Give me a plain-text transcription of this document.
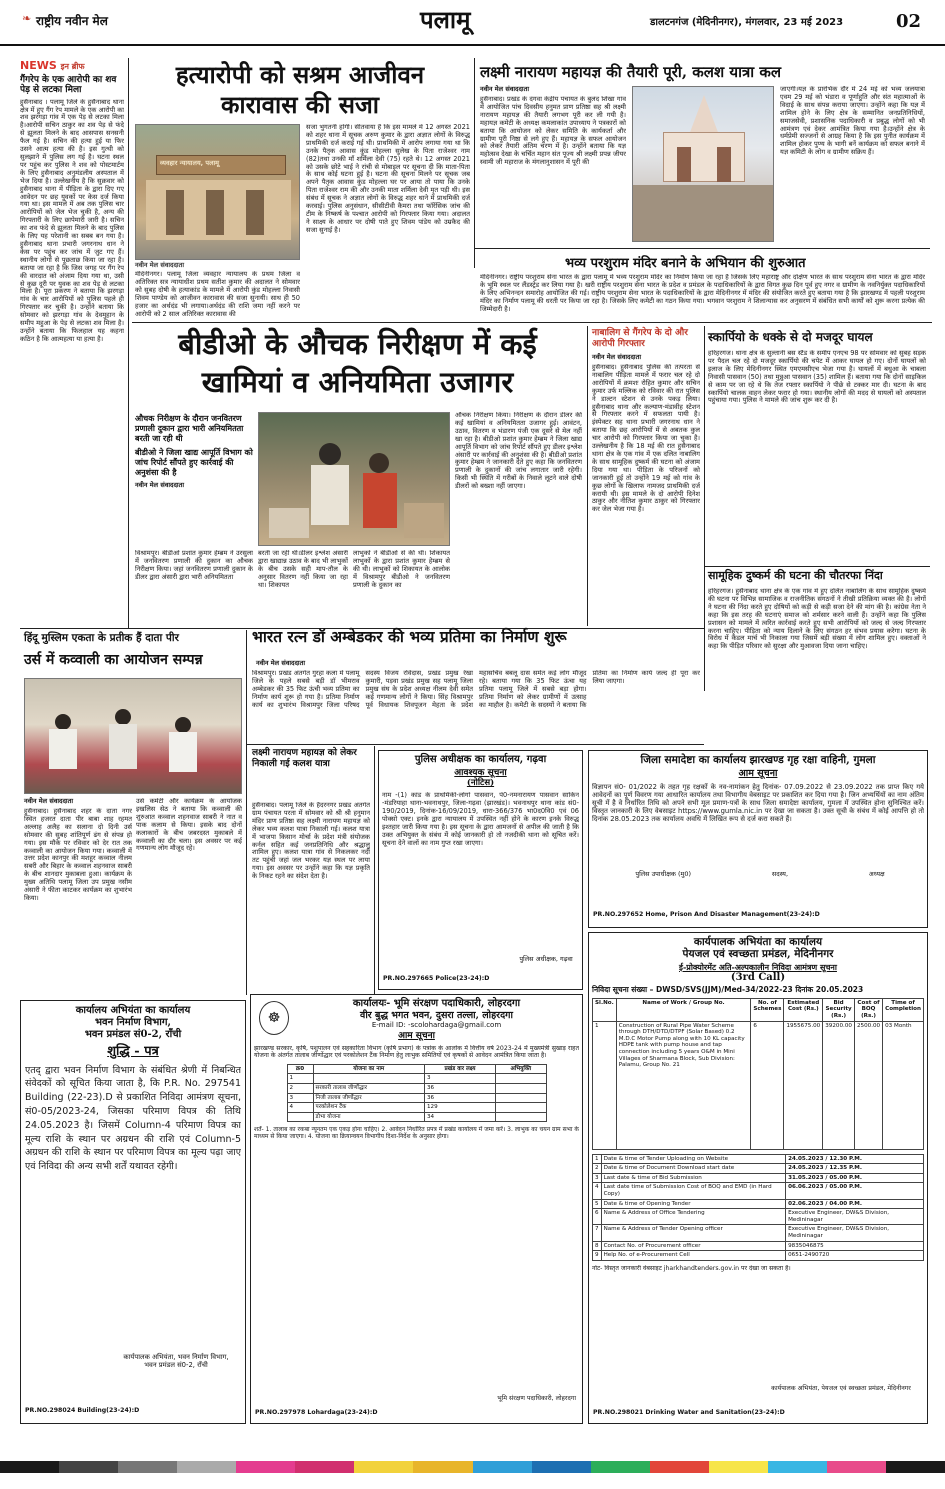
❧ राष्ट्रीय नवीन मेल	पलामू	डालटनगंज (मेदिनीनगर), मंगलवार, 23 मई 2023	02
NEWS इन ब्रीफ
गैंगरेप के एक आरोपी का शव पेड़ से लटका मिला
हुसैनाबाद । पलामू जिले के हुसैनाबाद थाना क्षेत्र में हुए गैंग रेप मामले के एक आरोपी का शव झरगड़ा गांव में एक पेड़ से लटका मिला है।आरोपी सचिन ठाकुर का शव पेड़ से फंदे से झूलता मिलने के बाद आसपास सनसनी फैल गई है। सचिन की हत्या हुई या फिर उसने आत्म हत्या की है। इस गुत्थी को सुलझाने में पुलिस लग गई है। घटना स्थल पर पहुंच कर पुलिस ने शव को पोस्टमार्टम के लिए हुसैनाबाद अनुमंडलीय अस्पताल में भेज दिया है। उल्लेखनीय है कि सुक्रवार को हुसैनाबाद थाना में पीड़िता के द्वारा दिए गए आवेदन पर छह युवकों पर केस दर्ज किया गया था। इस मामले में अब तक पुलिस चार आरोपियों को जेल भेज चुकी है, अन्य की गिरफ्तारी के लिए छापेमारी जारी है। सचिन का शव फंदे से झूलता मिलने के बाद पुलिस के लिए यह परेशानी का सबब बन गया है। हुसैनाबाद थाना प्रभारी जगरनाथ धान ने केस पर पहुंच कर जांच में जुट गए हैं। स्थानीय लोगों से पूछताछ किया जा रहा है। बताया जा रहा है कि जिस जगह पर गैंग रेप की वारदात को अंजाम दिया गया था, उसी से कुछ दूरी पर युवक का शव पेड़ से लटका मिला है। पूरा प्रकरण ने बताया कि झरगड़ा गांव के चार आरोपियों को पुलिस पहले ही गिरफ्तार कर चुकी है। उन्होंने बताया कि सोमवार को झरगड़ा गांव के देवमुहान के समीप महुआ के पेड़ से लटका शव मिला है। उन्होंने बताया कि फिलहाल यह कहना कठिन है कि आत्महत्या या हत्या है।
हत्यारोपी को सश्रम आजीवन कारावास की सजा
व्यवहार न्यायालय, पलामू
नवीन मेल संवाददाता
मेदिनीनगर। पलामू जिला व्यवहार न्यायालय के प्रथम जिला व अतिरिक्त सत्र न्यायाधीश प्रथम सतीश कुमार की अदालत ने सोमवार को सुबह दोषी के हत्याकांड के मामले में आरोपी कुंड मोहल्ला निवासी शिवम पाण्डेय को आजीवन कारावास की सजा सुनायी। साथ ही 50 हजार का अर्थदंड भी लगाया।अर्थदंड की राशि जमा नहीं करने पर आरोपी को 2 साल अतिरिक्त कारावास की
सजा भुगतनी होगी। सीतवाया है कि इस मामले में 12 अगस्त 2021 को शहर थाना में सूचक अरुण कुमार के द्वारा अज्ञात लोगों के विरुद्ध प्राथमिकी दर्ज कराई गई थी। प्राथमिकी में आरोप लगाया गया था कि उनके पैतृक आवास कुंड मोहल्ला सुलेख के पिता राजेश्वर नाम (82)तथा उनकी माँ शर्मिला देवी (75) रहते थे। 12 अगस्त 2021 को उसके छोटे भाई ने रांची से मोबाइल पर सूचना दी कि माता-पिता के साथ कोई घटना हुई है। घटना की सूचना मिलने पर सूचक जब अपने पैतृक आवास कुंड मोहल्ला घर पर आया तो पाया कि उनके पिता राजेश्वर राम की और उनकी माता शर्मिला देवी मृत पड़ी थी। इस संबंध में सूचक ने अज्ञात लोगों के विरुद्ध शहर थाने में प्राथमिकी दर्ज करवाई। पुलिस अनुसंधान, सीसीटीवी कैमरा तथा फॉरेंसिक जांच की टीम के निष्कर्ष के पश्चात आरोपी को गिरफ्तार किया गया। अदालत ने साक्ष्य के आधार पर दोषी पाते हुए शिवम पांडेय को उम्रकैद की सजा सुनाई है।
लक्ष्मी नारायण महायज्ञ की तैयारी पूरी, कलश यात्रा कल
नवीन मेल संवाददाता
हुसैनाबाद। प्रखंड के दंगवा केंद्रीय पंचायत के बुलंद शिखा गांव में आयोजित पांच दिवसीय हनुमत प्राण प्रतिष्ठा सह श्री लक्ष्मी नारायण महायज्ञ की तैयारी लगभग पूरी कर ली गयी है। महायज्ञ कमेटी के अध्यक्ष कमलाकांत उपाध्याय ने पत्रकारों को बताया कि आयोजन को लेकर समिति के कार्यकर्ता और ग्रामीण पूरी निष्ठा से लगे हुए हैं। महायज्ञ के सफल आयोजन को लेकर तैयारी अंतिम चरण में है। उन्होंने बताया कि यज्ञ महोत्सव देखा के चर्चित महान संत पूज्य श्री लक्ष्मी प्रपन्न जीयर स्वामी जी महाराज के मंगलानुशासन में पूरी की
जाएगी।यज्ञ के प्रारंभिक दौर में 24 मई को भव्य जलयात्रा एवम 29 मई को भंडारा व पूर्णाहुति और संत महात्माओं के विदाई के साथ संपन्न कराया जाएगा। उन्होंने कहा कि यज्ञ में शामिल होने के लिए क्षेत्र के सम्मानित जनप्रतिनिधियों, समाजसेवी, प्रशासनिक पदाधिकारी व प्रबुद्ध लोगों को भी आमंत्रण एवं देकर आमंत्रित किया गया है।उन्होंने क्षेत्र के धर्मप्रेमी सज्जनों से आग्रह किया है कि इस पुनीत कार्यक्रम में शामिल होकर पुण्य के भागी बनें कार्यक्रम को सफल बनाने में यज्ञ कमिटी के लोग व ग्रामीण सक्रिय हैं।
भव्य परशुराम मंदिर बनाने के अभियान की शुरुआत
मेदिनीनगर। राष्ट्रीय परशुराम सेना भारत के द्वारा पलामू में भव्य परशुराम मंदिर का निर्माण किया जा रहा है जिसके लिए महाराष्ट्र और दक्षिण भारत के साथ परशुराम सेना भारत के द्वारा मंदिर के भूमि स्थल पर लैंडस्ट्रेड कर लिया गया है। खरी राष्ट्रीय परशुराम सेना भारत के प्रदेश व प्रमंडल के पदाधिकारियों के द्वारा विगत कुछ दिन पूर्व हुए नगर व ग्रामीण के नवनिर्युक्त पदाधिकारियों के लिए अभिनन्दन समारोह आयोजित की गई। राष्ट्रीय परशुराम सेना भारत के पदाधिकारियों के द्वारा मेदिनीनगर में मंदिर की संयोजित करते हुए बताया गया है कि झारखण्ड में पहली परशुराम मंदिर का निर्माण पलामू की धरती पर किया जा रहा है। जिसके लिए कमेटी का गठन किया गया। भगवान परशुराम ने शिलान्यास कर अनुसरण में संबंधित सभी कार्यों को शुरू करना प्रत्येक की जिम्मेदारी है।
बीडीओ के औचक निरीक्षण में कई खामियां व अनियमिता उजागर
औचक निरीक्षण के दौरान जनवितरण प्रणाली दुकान द्वारा भारी अनियमितता बरती जा रही थी
बीडीओ ने जिला खाद्य आपूर्ति विभाग को जांच रिपोर्ट सौंपते हुए कार्रवाई की अनुशंसा की है
नवीन मेल संवाददाता
विश्रामपुर। बीडीओ प्रशांत कुमार हेम्ब्रम ने उरसुला में जनवितरण प्रणाली की दुकान का औचक निरीक्षण किया। जहां जनवितरण प्रणाली दुकान के डीलर द्वारा अंसारी द्वारा भारी अनियमितता
बरती जा रही थी।डीलर इश्लेश अंसारी द्वारा खाद्यान्न उठाव के बाद भी लाभुकों के बीच उसके सही माप-तौल के अनुसार वितरण नहीं किया जा रहा था। शिकायत
लाभुकों ने बीडीओ से की थी। शिकायत लाभुकों के द्वारा प्रशांत कुमार हेम्ब्रम से की थी। लाभुकों को शिकायत के आलोक में विश्रामपुर बीडीओ ने जनवितरण प्रणाली के दुकान का
औचक निरीक्षण किया। निरीक्षण के दौरान डीलर की कई खामियां व अनियमितता उजागर हुई। आवंटन, उठाव, वितरण व भंडारण पंजी एक दूसरे से मेल नहीं खा रहा है। बीडीओ प्रशांत कुमार हेम्ब्रम ने जिला खाद्य आपूर्ति विभाग को जांच रिपोर्ट सौंपते हुए डीलर इश्लेश अंसारी पर कार्रवाई की अनुशंसा की है। बीडीओ प्रशांत कुमार हेम्ब्रम ने जानकारी देते हुए कहा कि जनवितरण प्रणाली के दुकानों की जांच लगातार जारी रहेगी। किसी भी स्थिति में गरीबों के निवाले लूटने वाले दोषी डीलरों को बख्शा नहीं जाएगा।
नाबालिग से गैंगरेप के दो और आरोपी गिरफ्तार
नवीन मेल संवाददाता
हुसैनाबाद। हुसैनाबाद पुलिस की तत्परता से नाबालिग पीड़िता मामले में फरार चल रहे दो आरोपियों में क्रमशः रोहित कुमार और सचिन कुमार उर्फ मल्लिक को रविवार की रात पुलिस ने डाल्टन स्टेशन से उनके पकड़ लिया। हुसैनाबाद थाना और कल्याण-मंडावीह स्टेशन से गिरफ्तार करने में सफलता पायी है। इंस्पेक्टर सह थाना प्रभारी जगरनाथ धान ने बताया कि छह आरोपियों में से अबतक कुल चार आरोपी को गिरफ्तार किया जा चुका है। उल्लेखनीय है कि 18 मई की रात हुसैनाबाद थाना क्षेत्र के एक गांव में एक दलित नाबालिग के साथ सामूहिक दुष्कर्म की घटना को अंजाम दिया गया था। पीड़िता के परिजनों को जानकारी हुई तो उन्होंने 19 मई को गांव के कुछ लोगों के खिलाफ नामजद प्राथमिकी दर्ज करायी थी। इस मामले के दो आरोपी दिनेश ठाकुर और नीतिश कुमार ठाकुर को गिरफ्तार कर जेल भेजा गया है।
स्कार्पियो के धक्के से दो मजदूर घायल
हरिहरगंज। थाना क्षेत्र के सुल्तानी बस स्टैंड के समीप एनएच 98 पर सोमवार को सुबह सड़क पर पैदल चल रहे दो मजदूर स्कार्पियो की चपेट में आकर घायल हो गए। दोनों घायलों को इलाज के लिए मेदिनीनगर स्थित एमएमसीएच भेजा गया है। घायलों में बधुआ के चाबला निवासी पासवान (50) तथा मुन्नुआ पासवान (35) शामिल हैं। बताया गया कि दोनों साइकिल से काम पर जा रहे थे कि तेज रफ्तार स्कार्पियो ने पीछे से टक्कर मार दी। घटना के बाद स्कार्पियो चालक वाहन लेकर फरार हो गया। स्थानीय लोगों की मदद से घायलों को अस्पताल पहुंचाया गया। पुलिस ने मामले की जांच शुरू कर दी है।
सामूहिक दुष्कर्म की घटना की चौतरफा निंदा
हरिहरगंज। हुसैनाबाद थाना क्षेत्र के एक गांव में हुए दलित नाबालिग के साथ सामूहिक दुष्कर्म की घटना पर विभिन्न सामाजिक व राजनीतिक संगठनों ने तीखी प्रतिक्रिया व्यक्त की है। लोगों ने घटना की निंदा करते हुए दोषियों को कड़ी से कड़ी सजा देने की मांग की है। कांग्रेस नेता ने कहा कि इस तरह की घटनाएं समाज को शर्मसार करने वाली हैं। उन्होंने कहा कि पुलिस प्रशासन को मामले में त्वरित कार्रवाई करते हुए सभी आरोपियों को जल्द से जल्द गिरफ्तार करना चाहिए। पीड़िता को न्याय दिलाने के लिए संगठन हर संभव प्रयास करेगा। घटना के विरोध में कैंडल मार्च भी निकाला गया जिसमें बड़ी संख्या में लोग शामिल हुए। वक्ताओं ने कहा कि पीड़ित परिवार को सुरक्षा और मुआवजा दिया जाना चाहिए।
हिंदू मुस्लिम एकता के प्रतीक हैं दाता पीर
उर्स में कव्वाली का आयोजन सम्पन्न
नवीन मेल संवाददाता
हुसैनाबाद। हुसैनाबाद शहर के दाता नगर स्थित हजरत दाता पीर बाबा शाह रहमत अल्लाह अलैह का सलाना दो दिनी उर्स सोमवार की सुबह शांतिपूर्ण ढंग से संपन्न हो गया। इस मौके पर रविवार को देर रात तक कव्वाली का आयोजन किया गया। कव्वाली में उत्तर प्रदेश कानपुर की मशहूर कव्वाल नीलम सबरी और बिहार के कव्वाल शहनवाज साबरी के बीच शानदार मुकाबला हुआ। कार्यक्रम के मुख्य अतिथि पलामू जिला उप प्रमुख नसीम अंसारी ने फीता काटकर कार्यक्रम का शुभारंभ किया।
उर्स कमेटी और कार्यक्रम के आयोजक इखलिस सेठ ने बताया कि कव्वाली की शुरुआत कव्वाल शहनवाज साबरी ने नात व पाक कलाम से किया। इसके बाद दोनों कलाकारों के बीच जबरदस्त मुकाबले में कव्वाली का दौर चला। इस अवसर पर कई गणमान्य लोग मौजूद रहे।
भारत रत्न डॉ अम्बेडकर की भव्य प्रतिमा का निर्माण शुरू
नवीन मेल संवाददाता
विश्रामपुर। प्रखंड अंतर्गत गुरहा कला में पलामू जिले के पहले सबसे बड़ी डॉ भीमराव अम्बेडकर की 35 फिट ऊंची भव्य प्रतिमा का निर्माण कार्य शुरू हो गया है। प्रतिमा निर्माण कार्य का शुभारंभ विश्रामपुर जिला परिषद सदस्य विजय रविदास, प्रखंड प्रमुख रेखा कुमारी, पड़वा प्रखंड प्रमुख सह पलामू जिला प्रमुख संघ के प्रदेश अध्यक्ष नीलम देवी समेत कई गणमान्य लोगों ने किया। सिंह विश्रामपुर पूर्व विधायक शिवपूजन मेहता के प्रदेश महासचिव बबलू दास समेत कई लोग मौजूद रहे। बताया गया कि 35 फिट ऊंचा यह प्रतिमा पलामू जिले में सबसे बड़ा होगा। प्रतिमा निर्माण को लेकर ग्रामीणों में उत्साह का माहौल है। कमेटी के सदस्यों ने बताया कि प्रतिमा का निर्माण कार्य जल्द ही पूरा कर लिया जाएगा।
लक्ष्मी नारायण महायज्ञ को लेकर निकाली गई कलश यात्रा
हुसैनाबाद। पलामू जिले के हैदरनगर प्रखंड अंतर्गत ग्राम पंचायत परता में सोमवार को श्री श्री हनुमान मंदिर प्राण प्रतिष्ठा सह लक्ष्मी नारायण महायज्ञ को लेकर भव्य कलश यात्रा निकाली गई। कलश यात्रा में भाजपा किसान मोर्चा के प्रदेश मंत्री संयोजक कर्नल सहित कई जनप्रतिनिधि और श्रद्धालु शामिल हुए। कलश यात्रा गांव से निकलकर नदी तट पहुंची जहां जल भरकर यज्ञ स्थल पर लाया गया। इस अवसर पर उन्होंने कहा कि यज्ञ प्रकृति के निकट रहने का संदेश देता है।
पुलिस अधीक्षक का कार्यालय, गढ़वा
आवश्यक सूचना
(नोटिस)
नाम -(1) कांड के प्राथमिकी-लोगों पासवान, पे0-नमनारायण पासवान साकिन -मंडरियाहा थाना-भवनाथपुर, जिला-गढ़वा (झारखंड)। भवनाथपुर थाना कांड सं0-190/2019, दिनांक-16/09/2019, धारा-366/376 भा0द0वि0 एवं 06 पोक्सो एक्ट। इनके द्वारा न्यायालय में उपस्थित नहीं होने के कारण इनके विरुद्ध इश्तहार जारी किया गया है। इस सूचना के द्वारा आमजनों से अपील की जाती है कि उक्त अभियुक्त के संबंध में कोई जानकारी हो तो नजदीकी थाना को सूचित करें। सूचना देने वालों का नाम गुप्त रखा जाएगा।
पुलिस अधीक्षक, गढ़वा
PR.NO.297665 Police(23-24):D
जिला समादेष्टा का कार्यालय झारखण्ड गृह रक्षा वाहिनी, गुमला
आम सूचना
विज्ञापन सं0- 01/2022 के तहत गृह रक्षकों के नव-नामांकन हेतु दिनांक- 07.09.2022 से 23.09.2022 तक प्राप्त किए गये आवेदनों का पूर्ण विवरण गया आधारित कार्यालय तथा विभागीय वेबसाइट पर प्रकाशित कर दिया गया है। जिन अभ्यर्थियों का नाम अंतिम सूची में है वे निर्धारित तिथि को अपने सभी मूल प्रमाण-पत्रों के साथ जिला समादेष्टा कार्यालय, गुमला में उपस्थित होना सुनिश्चित करें। विस्तृत जानकारी के लिए वेबसाइट https://www.gumla.nic.in पर देखा जा सकता है। उक्त सूची के संबंध में कोई आपत्ति हो तो दिनांक 28.05.2023 तक कार्यालय अवधि में लिखित रूप से दर्ज करा सकते हैं।
पुलिस उपाधीक्षक (मु0)	सदस्य,	अध्यक्ष
PR.NO.297652 Home, Prison And Disaster Management(23-24):D
☸
कार्यालयः- भूमि संरक्षण पदाधिकारी, लोहरदगा
वीर बुद्ध भगत भवन, दुसरा तल्ला, लोहरदगा
E-mail ID: -scolohardaga@gmail.com
आम सूचना
झारखण्ड सरकार, कृषि, पशुपालन एवं सहकारिता विभाग (कृषि प्रभाग) के पत्रांक के आलोक में वित्तीय वर्ष 2023-24 में मुख्यमंत्री सुखाड़ राहत योजना के अंतर्गत तालाब जीर्णोद्धार एवं परकोलेशन टैंक निर्माण हेतु लाभुक समितियों एवं कृषकों से आवेदन आमंत्रित किया जाता है।
क्र0	योजना का नाम	प्रखंड वार लक्ष्य	अभियुक्ति
1		3	
2	सरकारी तालाब जीर्णोद्धार	36	
3	निजी तालाब जीर्णोद्धार	36	
4	परकोलेशन टैंक	129	
	डोभा योजना	34	
शर्तें- 1. तालाब का रकबा न्यूनतम एक एकड़ होना चाहिए। 2. आवेदन निर्धारित प्रपत्र में प्रखंड कार्यालय में जमा करें। 3. लाभुक का चयन ग्राम सभा के माध्यम से किया जाएगा। 4. योजना का क्रियान्वयन विभागीय दिशा-निर्देश के अनुसार होगा।
भूमि संरक्षण पदाधिकारी, लोहरदगा
PR.NO.297978 Lohardaga(23-24):D
कार्यालय अभियंता का कार्यालय
भवन निर्माण विभाग,
भवन प्रमंडल सं0-2, राँची
शुद्धि - पत्र
एतद् द्वारा भवन निर्माण विभाग के संबंधित श्रेणी में निबन्धित संवेदकों को सूचित किया जाता है, कि P.R. No. 297541 Building (22-23).D से प्रकाशित निविदा आमंत्रण सूचना, सं0-05/2023-24, जिसका परिमाण विपत्र की तिथि 24.05.2023 है। जिसमें Column-4 परिमाण विपत्र का मूल्य राशि के स्थान पर अग्रधन की राशि एवं Column-5 अग्रधन की राशि के स्थान पर परिमाण विपत्र का मूल्य पढ़ा जाए एवं निविदा की अन्य सभी शर्तें यथावत रहेगी।
कार्यपालक अभियंता, भवन निर्माण विभाग, भवन प्रमंडल सं0-2, राँची
PR.NO.298024 Building(23-24):D
कार्यपालक अभियंता का कार्यालय
पेयजल एवं स्वच्छता प्रमंडल, मेदिनीनगर
ई-प्रोक्योरमेंट अति-अल्पकालीन निविदा आमंत्रण सूचना
(3rd Call)
निविदा सूचना संख्या – DWSD/SVS(JJM)/Med-34/2022-23 दिनांक 20.05.2023
Sl.No.	Name of Work / Group No.	No. of Schemes	Estimated Cost (Rs.)	Bid Security (Rs.)	Cost of BOQ (Rs.)	Time of Completion
1	Construction of Rural Pipe Water Scheme through DTH/DTD/DTPF (Solar Based) 0.2 M.D.C Motor Pump along with 10 KL capacity HDPE tank with pump house and tap connection including 5 years O&M in Mini Villages of Sharmana Block, Sub Division: Palamu, Group No. 21	6	1955675.00	39200.00	2500.00	03 Month
1	Date & time of Tender Uploading on Website	24.05.2023 / 12.30 P.M.
2	Date & time of Document Download start date	24.05.2023 / 12.35 P.M.
3	Last date & time of Bid Submission	31.05.2023 / 05.00 P.M.
4	Last date time of Submission Cost of BOQ and EMD (in Hard Copy)	06.06.2023 / 05.00 P.M.
5	Date & time of Opening Tender	02.06.2023 / 04.00 P.M.
6	Name & Address of Office Tendering	Executive Engineer, DW&S Division, Medininagar
7	Name & Address of Tender Opening officer	Executive Engineer, DW&S Division, Medininagar
8	Contact No. of Procurement officer	9835046875
9	Help No. of e-Procurement Cell	0651-2490720
नोट- विस्तृत जानकारी वेबसाइट jharkhandtenders.gov.in पर देखा जा सकता है।
कार्यपालक अभियंता, पेयजल एवं स्वच्छता प्रमंडल, मेदिनीनगर
PR.NO.298021 Drinking Water and Sanitation(23-24):D
